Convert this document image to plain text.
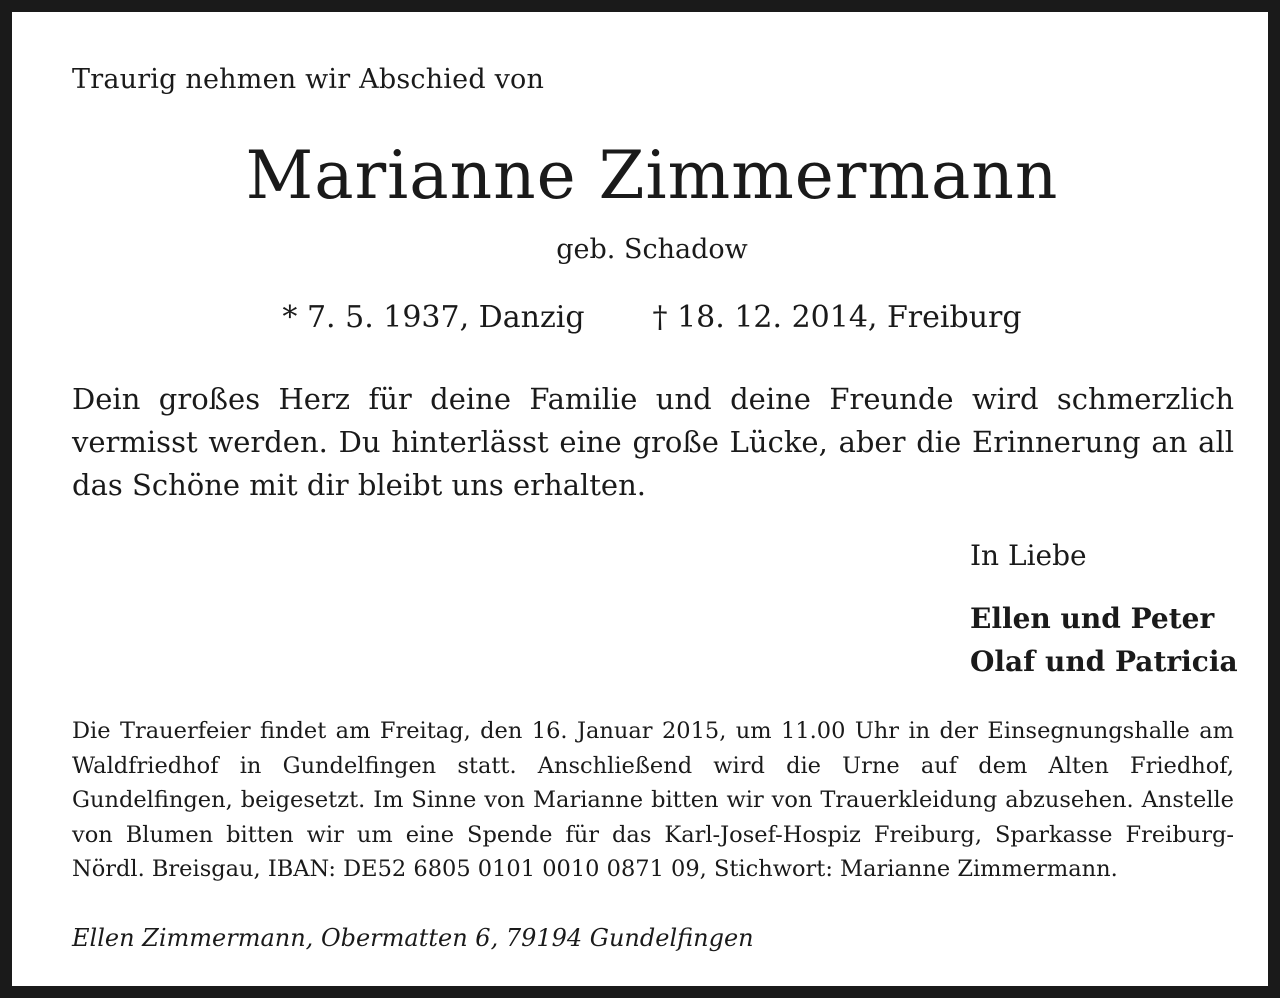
Traurig nehmen wir Abschied von
Marianne Zimmermann
geb. Schadow
* 7. 5. 1937, Danzig † 18. 12. 2014, Freiburg
Dein großes Herz für deine Familie und deine Freunde wird schmerzlich vermisst werden. Du hinterlässt eine große Lücke, aber die Erinnerung an all das Schöne mit dir bleibt uns erhalten.
In Liebe
Ellen und Peter
Olaf und Patricia
Die Trauerfeier findet am Freitag, den 16. Januar 2015, um 11.00 Uhr in der Einsegnungshalle am Waldfriedhof in Gundelfingen statt. Anschließend wird die Urne auf dem Alten Friedhof, Gundelfingen, beigesetzt. Im Sinne von Marianne bitten wir von Trauerkleidung abzusehen. Anstelle von Blumen bitten wir um eine Spende für das Karl-Josef-Hospiz Freiburg, Sparkasse Freiburg-Nördl. Breisgau, IBAN: DE52 6805 0101 0010 0871 09, Stichwort: Marianne Zimmermann.
Ellen Zimmermann, Obermatten 6, 79194 Gundelfingen
